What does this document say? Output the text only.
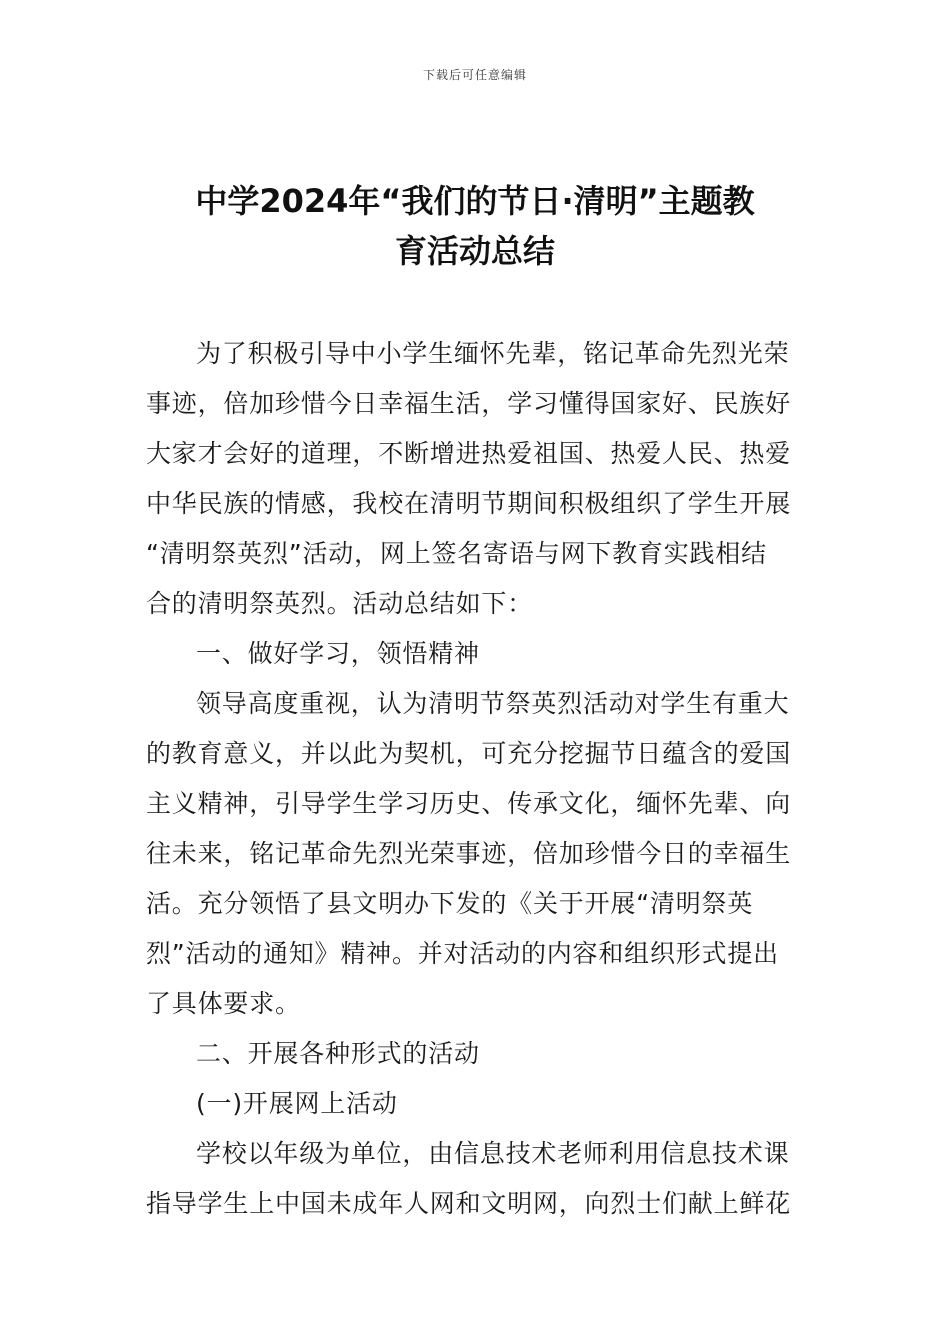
下载后可任意编辑
中学2024年“我们的节日·清明”主题教
育活动总结
为了积极引导中小学生缅怀先辈，铭记革命先烈光荣
事迹，倍加珍惜今日幸福生活，学习懂得国家好、民族好
大家才会好的道理，不断增进热爱祖国、热爱人民、热爱
中华民族的情感，我校在清明节期间积极组织了学生开展
“清明祭英烈”活动，网上签名寄语与网下教育实践相结
合的清明祭英烈。活动总结如下：
一、做好学习，领悟精神
领导高度重视，认为清明节祭英烈活动对学生有重大
的教育意义，并以此为契机，可充分挖掘节日蕴含的爱国
主义精神，引导学生学习历史、传承文化，缅怀先辈、向
往未来，铭记革命先烈光荣事迹，倍加珍惜今日的幸福生
活。充分领悟了县文明办下发的《关于开展“清明祭英
烈”活动的通知》精神。并对活动的内容和组织形式提出
了具体要求。
二、开展各种形式的活动
(一)开展网上活动
学校以年级为单位，由信息技术老师利用信息技术课
指导学生上中国未成年人网和文明网，向烈士们献上鲜花
